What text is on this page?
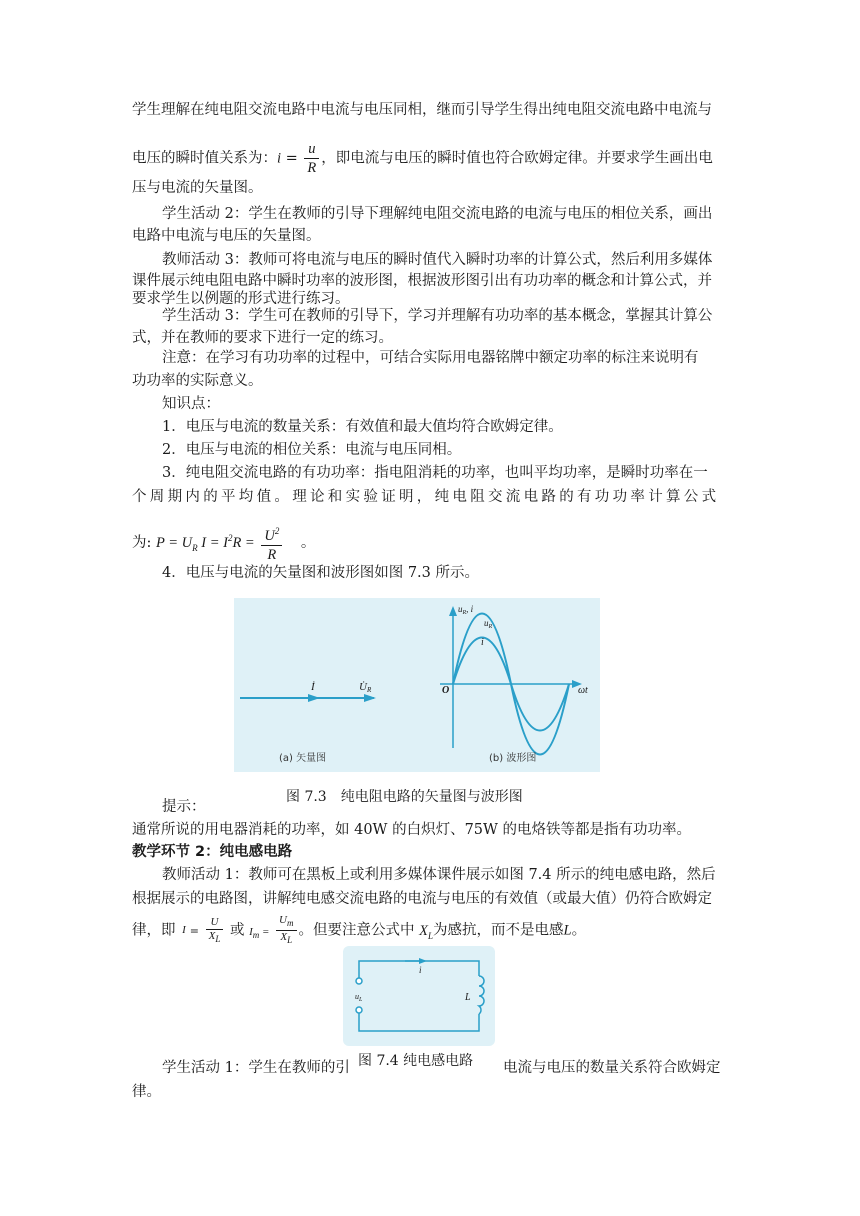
学生理解在纯电阻交流电路中电流与电压同相，继而引导学生得出纯电阻交流电路中电流与
电压的瞬时值关系为：$i = \frac{u}{R}$ ，即电流与电压的瞬时值也符合欧姆定律。并要求学生画出电
压与电流的矢量图。
学生活动 2：学生在教师的引导下理解纯电阻交流电路的电流与电压的相位关系，画出
电路中电流与电压的矢量图。
教师活动 3：教师可将电流与电压的瞬时值代入瞬时功率的计算公式，然后利用多媒体
课件展示纯电阻电路中瞬时功率的波形图，根据波形图引出有功功率的概念和计算公式，并
要求学生以例题的形式进行练习。
学生活动 3：学生可在教师的引导下，学习并理解有功功率的基本概念，掌握其计算公
式，并在教师的要求下进行一定的练习。
注意：在学习有功功率的过程中，可结合实际用电器铭牌中额定功率的标注来说明有
功功率的实际意义。
知识点：
1．电压与电流的数量关系：有效值和最大值均符合欧姆定律。
2．电压与电流的相位关系：电流与电压同相。
3．纯电阻交流电路的有功功率：指电阻消耗的功率，也叫平均功率，是瞬时功率在一
个周期内的平均值。理论和实验证明，纯电阻交流电路的有功功率计算公式
为: $P = U_R$ $I = I^2R = \frac{U^2}{R}$ 。
4．电压与电流的矢量图和波形图如图 7.3 所示。
İ	U̇R
(a) 矢量图
$u_R$, i
$u_R$
i
O	ωt
(b) 波形图
图 7.3　纯电阻电路的矢量图与波形图
提示：
通常所说的用电器消耗的功率，如 40W 的白炽灯、75W 的电烙铁等都是指有功功率。
教学环节 2：纯电感电路
教师活动 1：教师可在黑板上或利用多媒体课件展示如图 7.4 所示的纯电感电路，然后
根据展示的电路图，讲解纯电感交流电路的电流与电压的有效值（或最大值）仍符合欧姆定
律，即 $I = \frac{U}{X_L}$ 或 $I_m = \frac{U_m}{X_L}$ 。但要注意公式中 $X_L$为感抗，而不是电感L。
i
$u_L$	L
学生活动 1：学生在教师的引 图 7.4 纯电感电路 电流与电压的数量关系符合欧姆定
律。
